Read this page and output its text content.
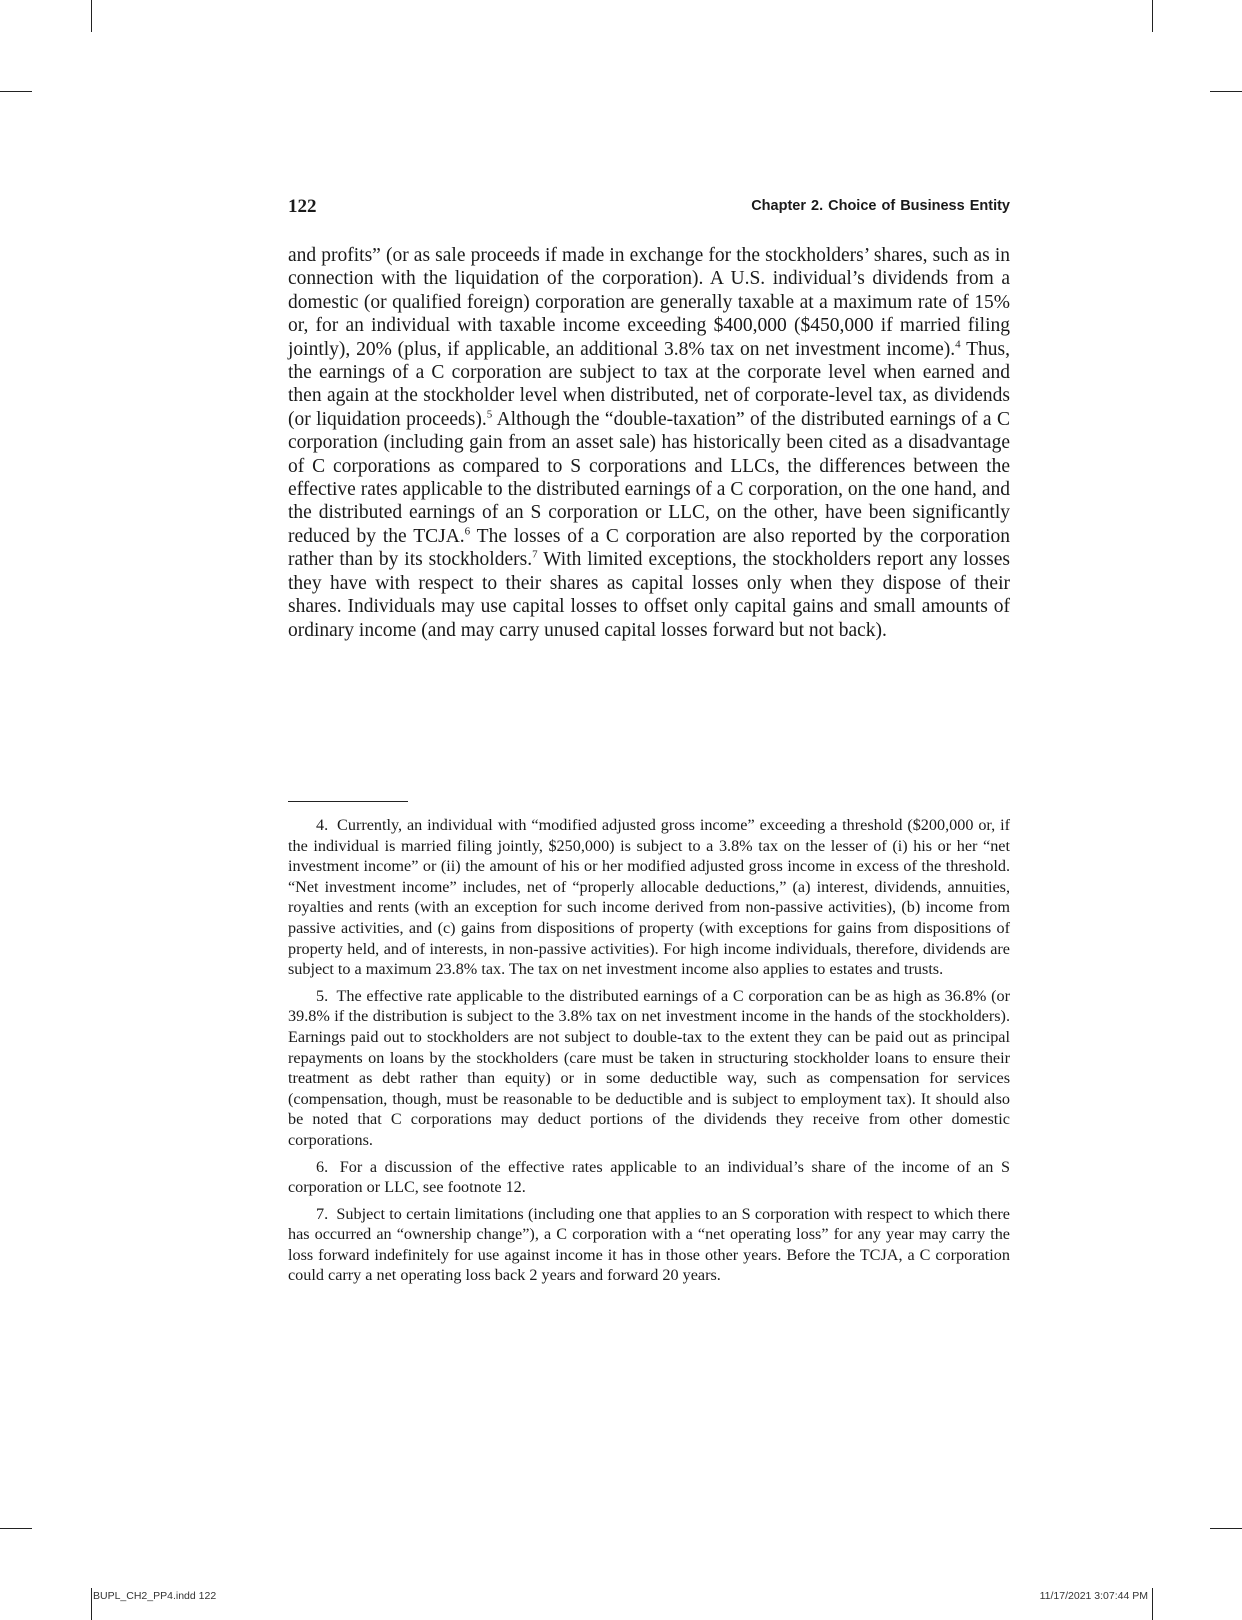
122	Chapter 2. Choice of Business Entity

and profits” (or as sale proceeds if made in exchange for the stockholders’ shares, such as in connection with the liquidation of the corporation). A U.S. individual’s dividends from a domestic (or qualified foreign) corporation are generally taxable at a maximum rate of 15% or, for an individual with taxable income exceeding $400,000 ($450,000 if married filing jointly), 20% (plus, if applicable, an additional 3.8% tax on net investment income).$^4$ Thus, the earnings of a C corporation are subject to tax at the corporate level when earned and then again at the stockholder level when distributed, net of corporate-level tax, as dividends (or liquidation proceeds).$^5$ Although the “double-taxation” of the distributed earnings of a C corporation (including gain from an asset sale) has historically been cited as a disadvantage of C corporations as compared to S corporations and LLCs, the differences between the effective rates applicable to the distributed earnings of a C corporation, on the one hand, and the distributed earnings of an S corporation or LLC, on the other, have been significantly reduced by the TCJA.$^6$ The losses of a C corporation are also reported by the corporation rather than by its stockholders.$^7$ With limited exceptions, the stockholders report any losses they have with respect to their shares as capital losses only when they dispose of their shares. Individuals may use capital losses to offset only capital gains and small amounts of ordinary income (and may carry unused capital losses forward but not back).

4. Currently, an individual with “modified adjusted gross income” exceeding a threshold ($200,000 or, if the individual is married filing jointly, $250,000) is subject to a 3.8% tax on the lesser of (i) his or her “net investment income” or (ii) the amount of his or her modified adjusted gross income in excess of the threshold. “Net investment income” includes, net of “properly allocable deductions,” (a) interest, dividends, annuities, royalties and rents (with an exception for such income derived from non-passive activities), (b) income from passive activities, and (c) gains from dispositions of property (with exceptions for gains from dispositions of property held, and of interests, in non-passive activities). For high income individuals, therefore, dividends are subject to a maximum 23.8% tax. The tax on net investment income also applies to estates and trusts.

5. The effective rate applicable to the distributed earnings of a C corporation can be as high as 36.8% (or 39.8% if the distribution is subject to the 3.8% tax on net investment income in the hands of the stockholders). Earnings paid out to stockholders are not subject to double-tax to the extent they can be paid out as principal repayments on loans by the stockholders (care must be taken in structuring stockholder loans to ensure their treatment as debt rather than equity) or in some deductible way, such as compensation for services (compensation, though, must be reasonable to be deductible and is subject to employment tax). It should also be noted that C corporations may deduct portions of the dividends they receive from other domestic corporations.

6. For a discussion of the effective rates applicable to an individual’s share of the income of an S corporation or LLC, see footnote 12.

7. Subject to certain limitations (including one that applies to an S corporation with respect to which there has occurred an “ownership change”), a C corporation with a “net operating loss” for any year may carry the loss forward indefinitely for use against income it has in those other years. Before the TCJA, a C corporation could carry a net operating loss back 2 years and forward 20 years.

BUPL_CH2_PP4.indd 122	11/17/2021 3:07:44 PM
